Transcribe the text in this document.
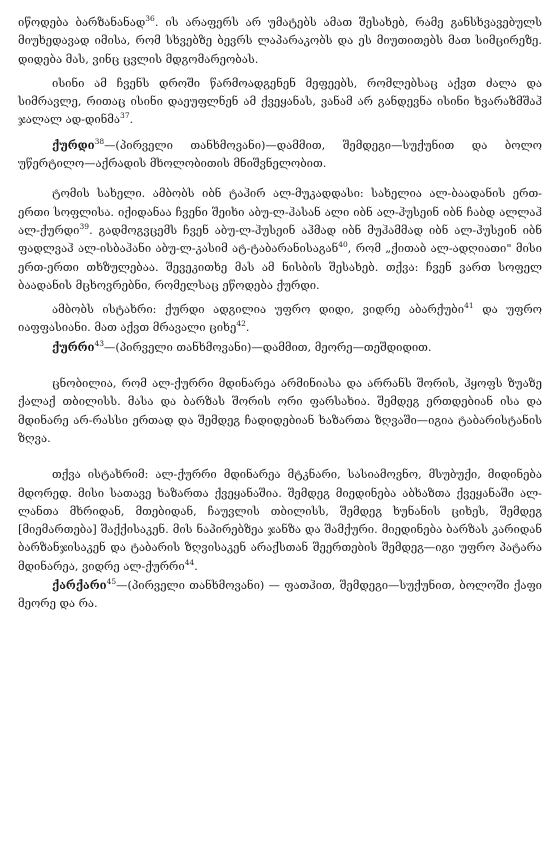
იწოდება ბარზანანად$^{36}$. ის არაფერს არ უმატებს ამათ შესახებ, რამე განსხვავებულს მიუხედავად იმისა, რომ სხვებზე ბევრს ლაპარაკობს და ეს მიუთითებს მათ სიმცირეზე. დიდება მას, ვინც ცვლის მდგომარეობას.

ისინი ამ ჩვენს დროში წარმოადგენენ მეფეებს, რომლებსაც აქვთ ძალა და სიმრავლე, რითაც ისინი დაეუფლნენ ამ ქვეყანას, ვანამ არ განდევნა ისინი ხვარაზმშაჰ ჯალალ ად-დინმა$^{37}$.

ქურდი$^{38}$—(პირველი თანხმოვანი)—დამმით, შემდეგი—სუქუნით და ბოლო უწერტილო—აქრადის მხოლობითის მნიშვნელობით.

ტომის სახელი. ამბობს იბნ ტაჰირ ალ-მუკადდასი: სახელია ალ-ბაადანის ერთ-ერთი სოფლისა. იქიდანაა ჩვენი შეიხი აბუ-ლ-ჰასან ალი იბნ ალ-ჰუსეინ იბნ ჩაბდ ალლაჰ ალ-ქურდი$^{39}$. გადმოგვცემს ჩვენ აბუ-ლ-ჰუსეინ აჰმად იბნ მუჰამმად იბნ ალ-ჰუსეინ იბნ ფადლვაჰ ალ-ისბაჰანი აბუ-ლ-კასიმ ატ-ტაბარანისაგან$^{40}$, რომ „ქითაბ ალ-ადღიათი" მისი ერთ-ერთი თხზულებაა. შევეკითხე მას ამ ნისბის შესახებ. თქვა: ჩვენ ვართ სოფელ ბაადანის მცხოვრებნი, რომელსაც ეწოდება ქურდი.

ამბობს ისტახრი: ქურდი ადგილია უფრო დიდი, ვიდრე აბარქუბი$^{41}$ და უფრო იაფფასიანი. მათ აქვთ მრავალი ციხე$^{42}$.

ქურრი$^{43}$—(პირველი თანხმოვანი)—დამმით, მეორე—თეშდიდით.

ცნობილია, რომ ალ-ქურრი მდინარეა არმინიასა და არრანს შორის, ჰყოფს ზუაზე ქალაქ თბილისს. მასა და ბარზას შორის ორი ფარსახია. შემდეგ ერთდებიან ისა და მდინარე არ-რასსი ერთად და შემდეგ ჩადიდებიან ხაზართა ზღვაში—იგია ტაბარისტანის ზღვა.

თქვა ისტახრიმ: ალ-ქურრი მდინარეა მტკნარი, სასიამოვნო, მსუბუქი, მიდინება მდორედ. მისი სათავე ხაზართა ქვეყანაშია. შემდეგ მიედინება აბხაზთა ქვეყანაში ალ-ლანთა მხრიდან, მთებიდან, ჩაუვლის თბილისს, შემდეგ ხუნანის ციხეს, შემდეგ [მიემართება] შაქქისაკენ. მის ნაპირებზეა ჯანზა და შამქური. მიედინება ბარზას კარიდან ბარზანჯისაკენ და ტაბარის ზღვისაკენ არაქსთან შეერთების შემდეგ—იგი უფრო პატარა მდინარეა, ვიდრე ალ-ქურრი$^{44}$.

ქარქარი$^{45}$—(პირველი თანხმოვანი) — ფათჰით, შემდეგი—სუქუნით, ბოლოში ქაფი მეორე და რა.
